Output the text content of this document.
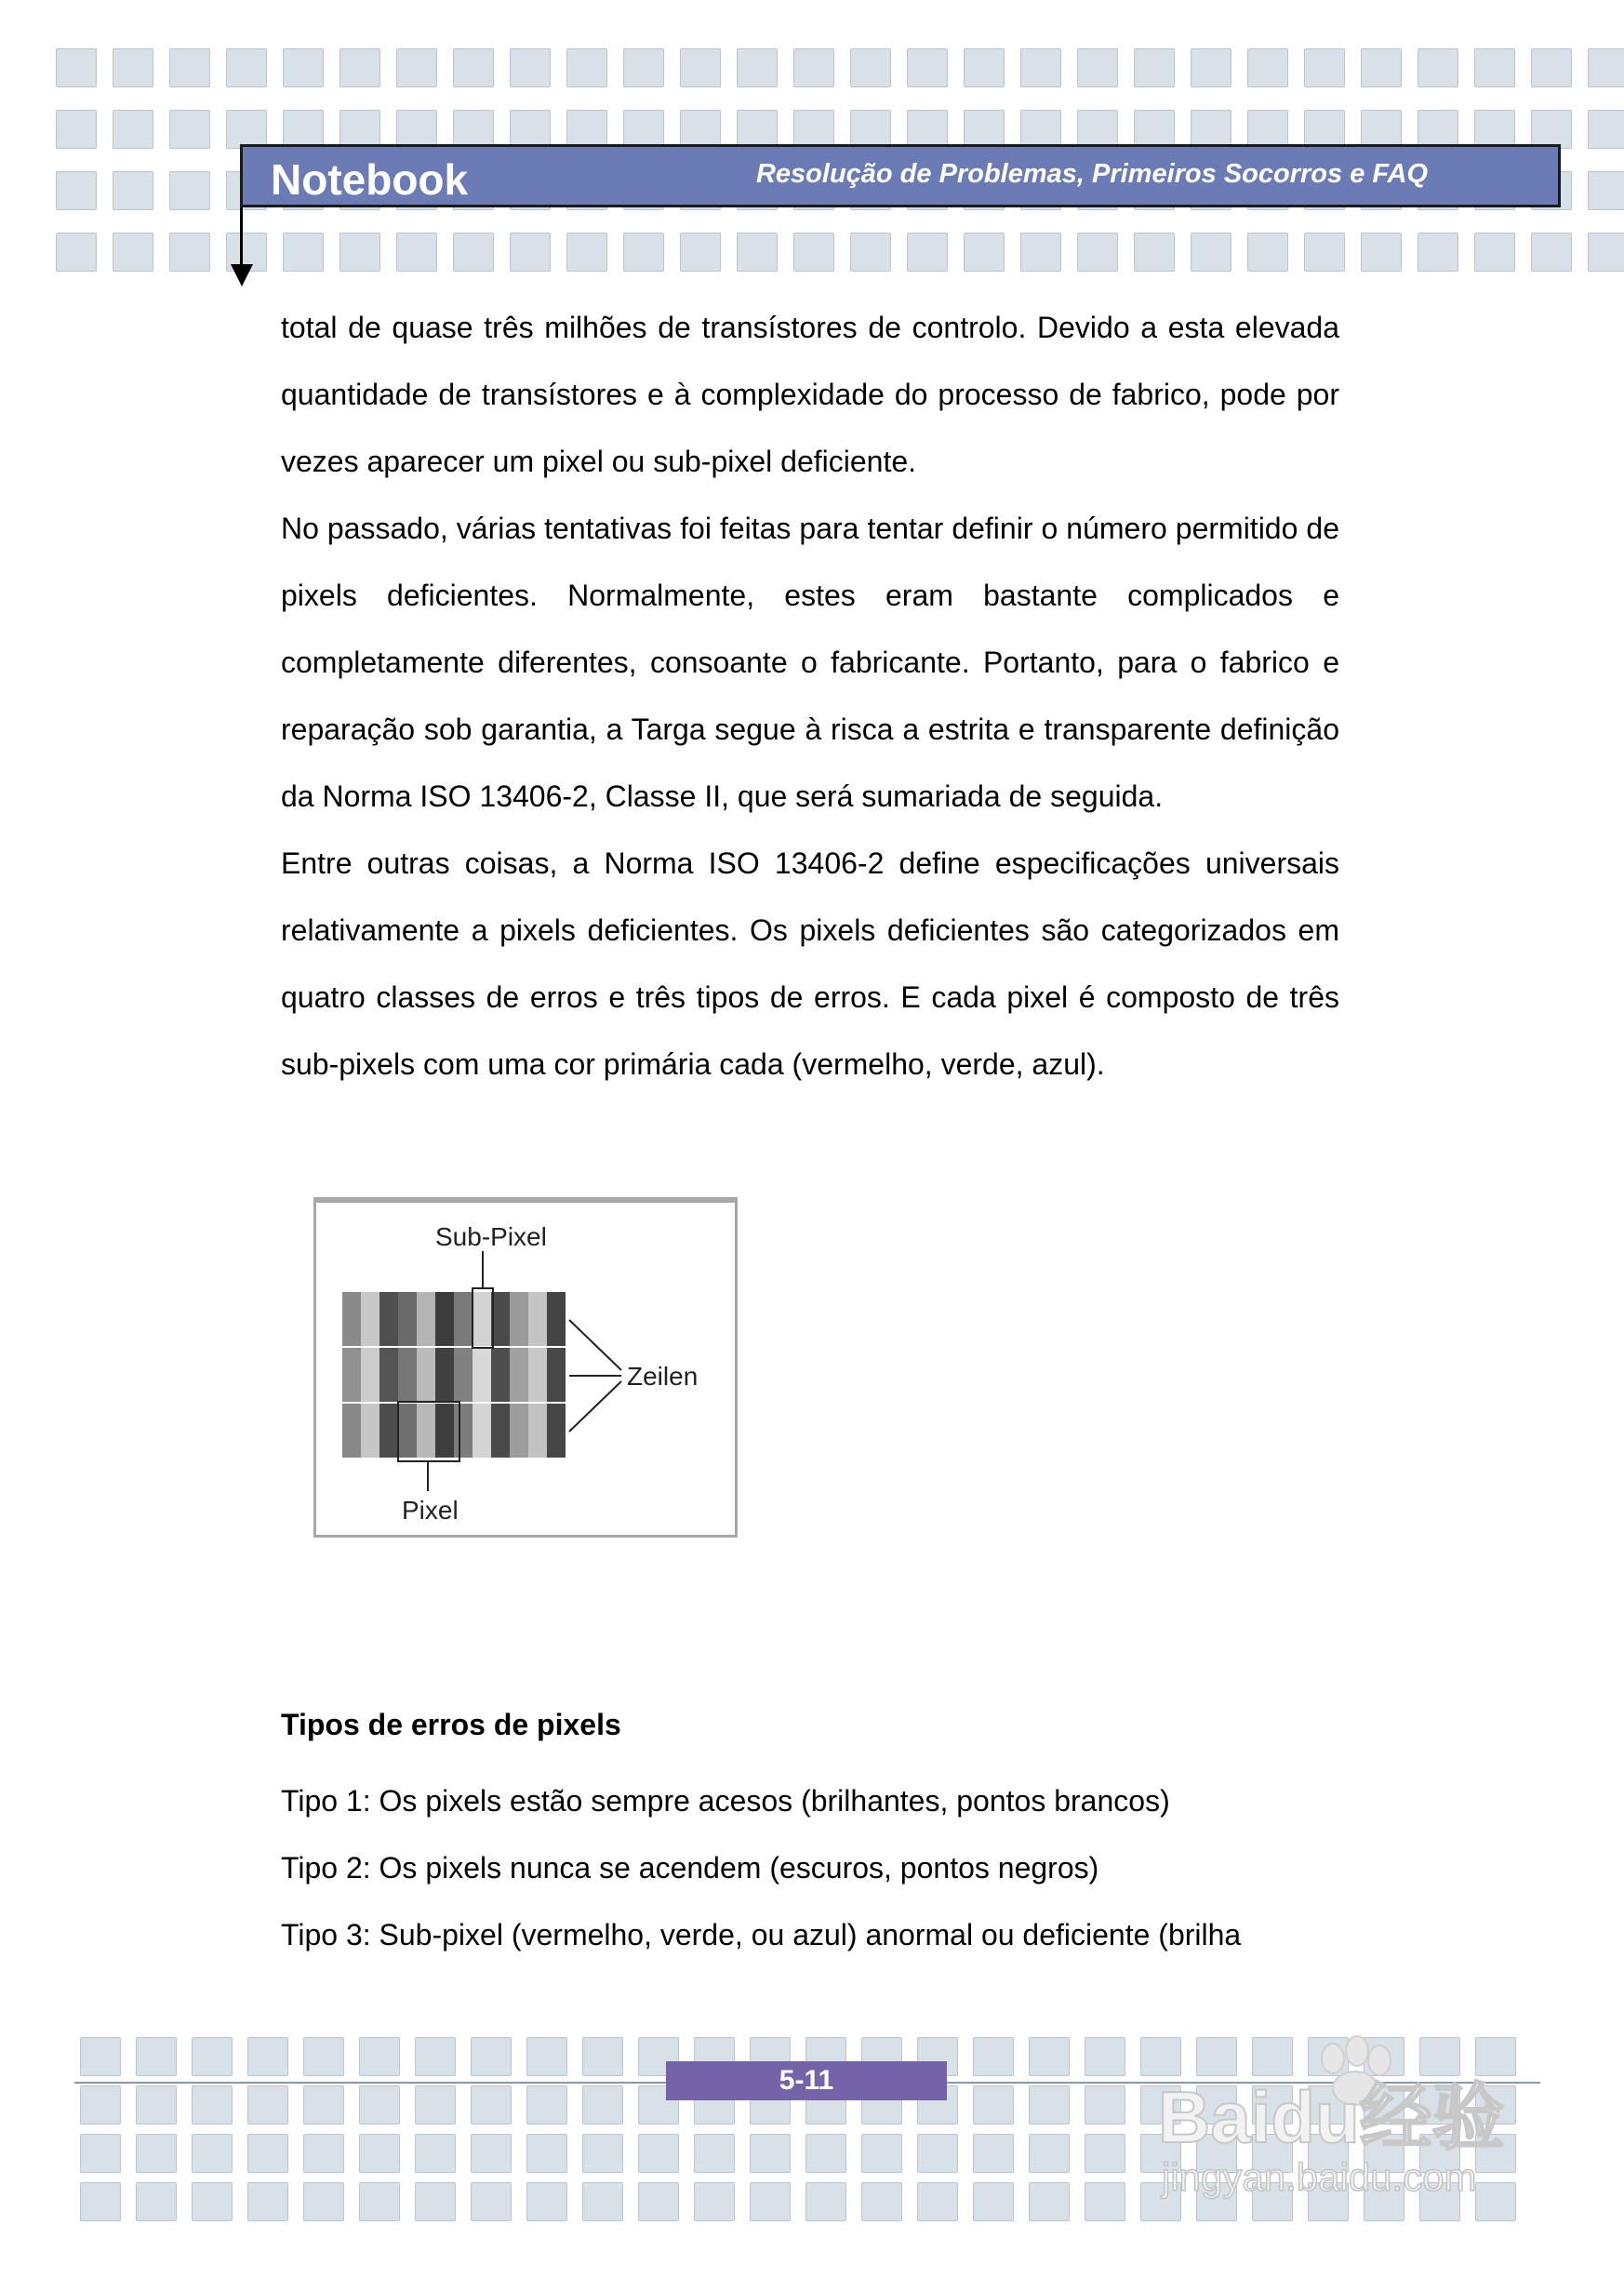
Notebook	Resolução de Problemas, Primeiros Socorros e FAQ

total de quase três milhões de transístores de controlo. Devido a esta elevada quantidade de transístores e à complexidade do processo de fabrico, pode por vezes aparecer um pixel ou sub-pixel deficiente.

No passado, várias tentativas foi feitas para tentar definir o número permitido de pixels deficientes. Normalmente, estes eram bastante complicados e completamente diferentes, consoante o fabricante. Portanto, para o fabrico e reparação sob garantia, a Targa segue à risca a estrita e transparente definição da Norma ISO 13406-2, Classe II, que será sumariada de seguida.

Entre outras coisas, a Norma ISO 13406-2 define especificações universais relativamente a pixels deficientes. Os pixels deficientes são categorizados em quatro classes de erros e três tipos de erros. E cada pixel é composto de três sub-pixels com uma cor primária cada (vermelho, verde, azul).

Sub-Pixel
Pixel
Zeilen
Tipos de erros de pixels
Tipo 1: Os pixels estão sempre acesos (brilhantes, pontos brancos)
Tipo 2: Os pixels nunca se acendem (escuros, pontos negros)
Tipo 3: Sub-pixel (vermelho, verde, ou azul) anormal ou deficiente (brilha
5-11	Baidu经验
jingyan.baidu.com
